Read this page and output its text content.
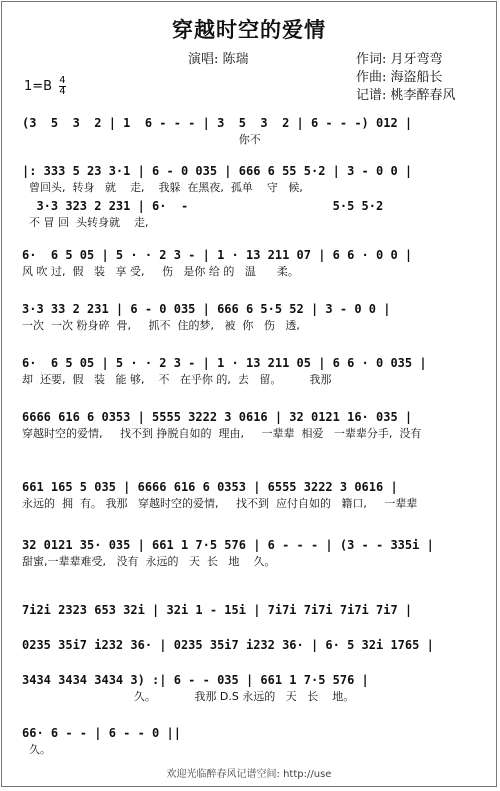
穿越时空的爱情
演唱: 陈瑞	作词: 月牙弯弯
作曲: 海盗船长
记谱: 桃李醉春风
$1=B \frac{4}{4}$
(3  5  3  2 | 1  6 - - - | 3  5  3  2 | 6 - - -) 012 |
你不
|: 333 5 23 3·1 | 6 - 0 035 | 666 6 55 5·2 | 3 - 0 0 |
曾回头,  转身   就    走,    我躲  在黑夜,  孤单    守   候,
3·3 323 2 231 | 6·  -                    5·5 5·2
不 冒 回  头转身就    走,
6·  6 5 05 | 5 · · 2 3 - | 1 · 13 211 07 | 6 6 · 0 0 |
风 吹 过,  假   装   享 受,     伤   是你 给 的   温      柔。
3·3 33 2 231 | 6 - 0 035 | 666 6 5·5 52 | 3 - 0 0 |
一次  一次 粉身碎  骨,     抓不  住的梦,   被  你   伤   透,
6·  6 5 05 | 5 · · 2 3 - | 1 · 13 211 05 | 6 6 · 0 035 |
却  还要,  假   装   能 够,    不   在乎你 的,  去   留。        我那
6666 616 6 0353 | 5555 3222 3 0616 | 32 0121 16· 035 |
穿越时空的爱情,     找不到 挣脱自如的  理由,     一辈辈  相爱   一辈辈分手,  没有
661 165 5 035 | 6666 616 6 0353 | 6555 3222 3 0616 |
永远的  拥  有。 我那   穿越时空的爱情,     找不到  应付自如的   籍口,     一辈辈
32 0121 35· 035 | 661 1 7·5 576 | 6 - - - | (3 - - 335i |
甜蜜,一辈辈难受,   没有  永远的   天  长   地    久。
7i2i 2323 653 32i | 32i 1 - 15i | 7i7i 7i7i 7i7i 7i7 |
0235 35i7 i232 36· | 0235 35i7 i232 36· | 6· 5 32i 1765 |
3434 3434 3434 3) :| 6 - - 035 | 661 1 7·5 576 |
久。           我那 D.S 永远的   天   长    地。
66· 6 - - | 6 - - 0 ||
久。
欢迎光临醉春风记谱空间: http://use
